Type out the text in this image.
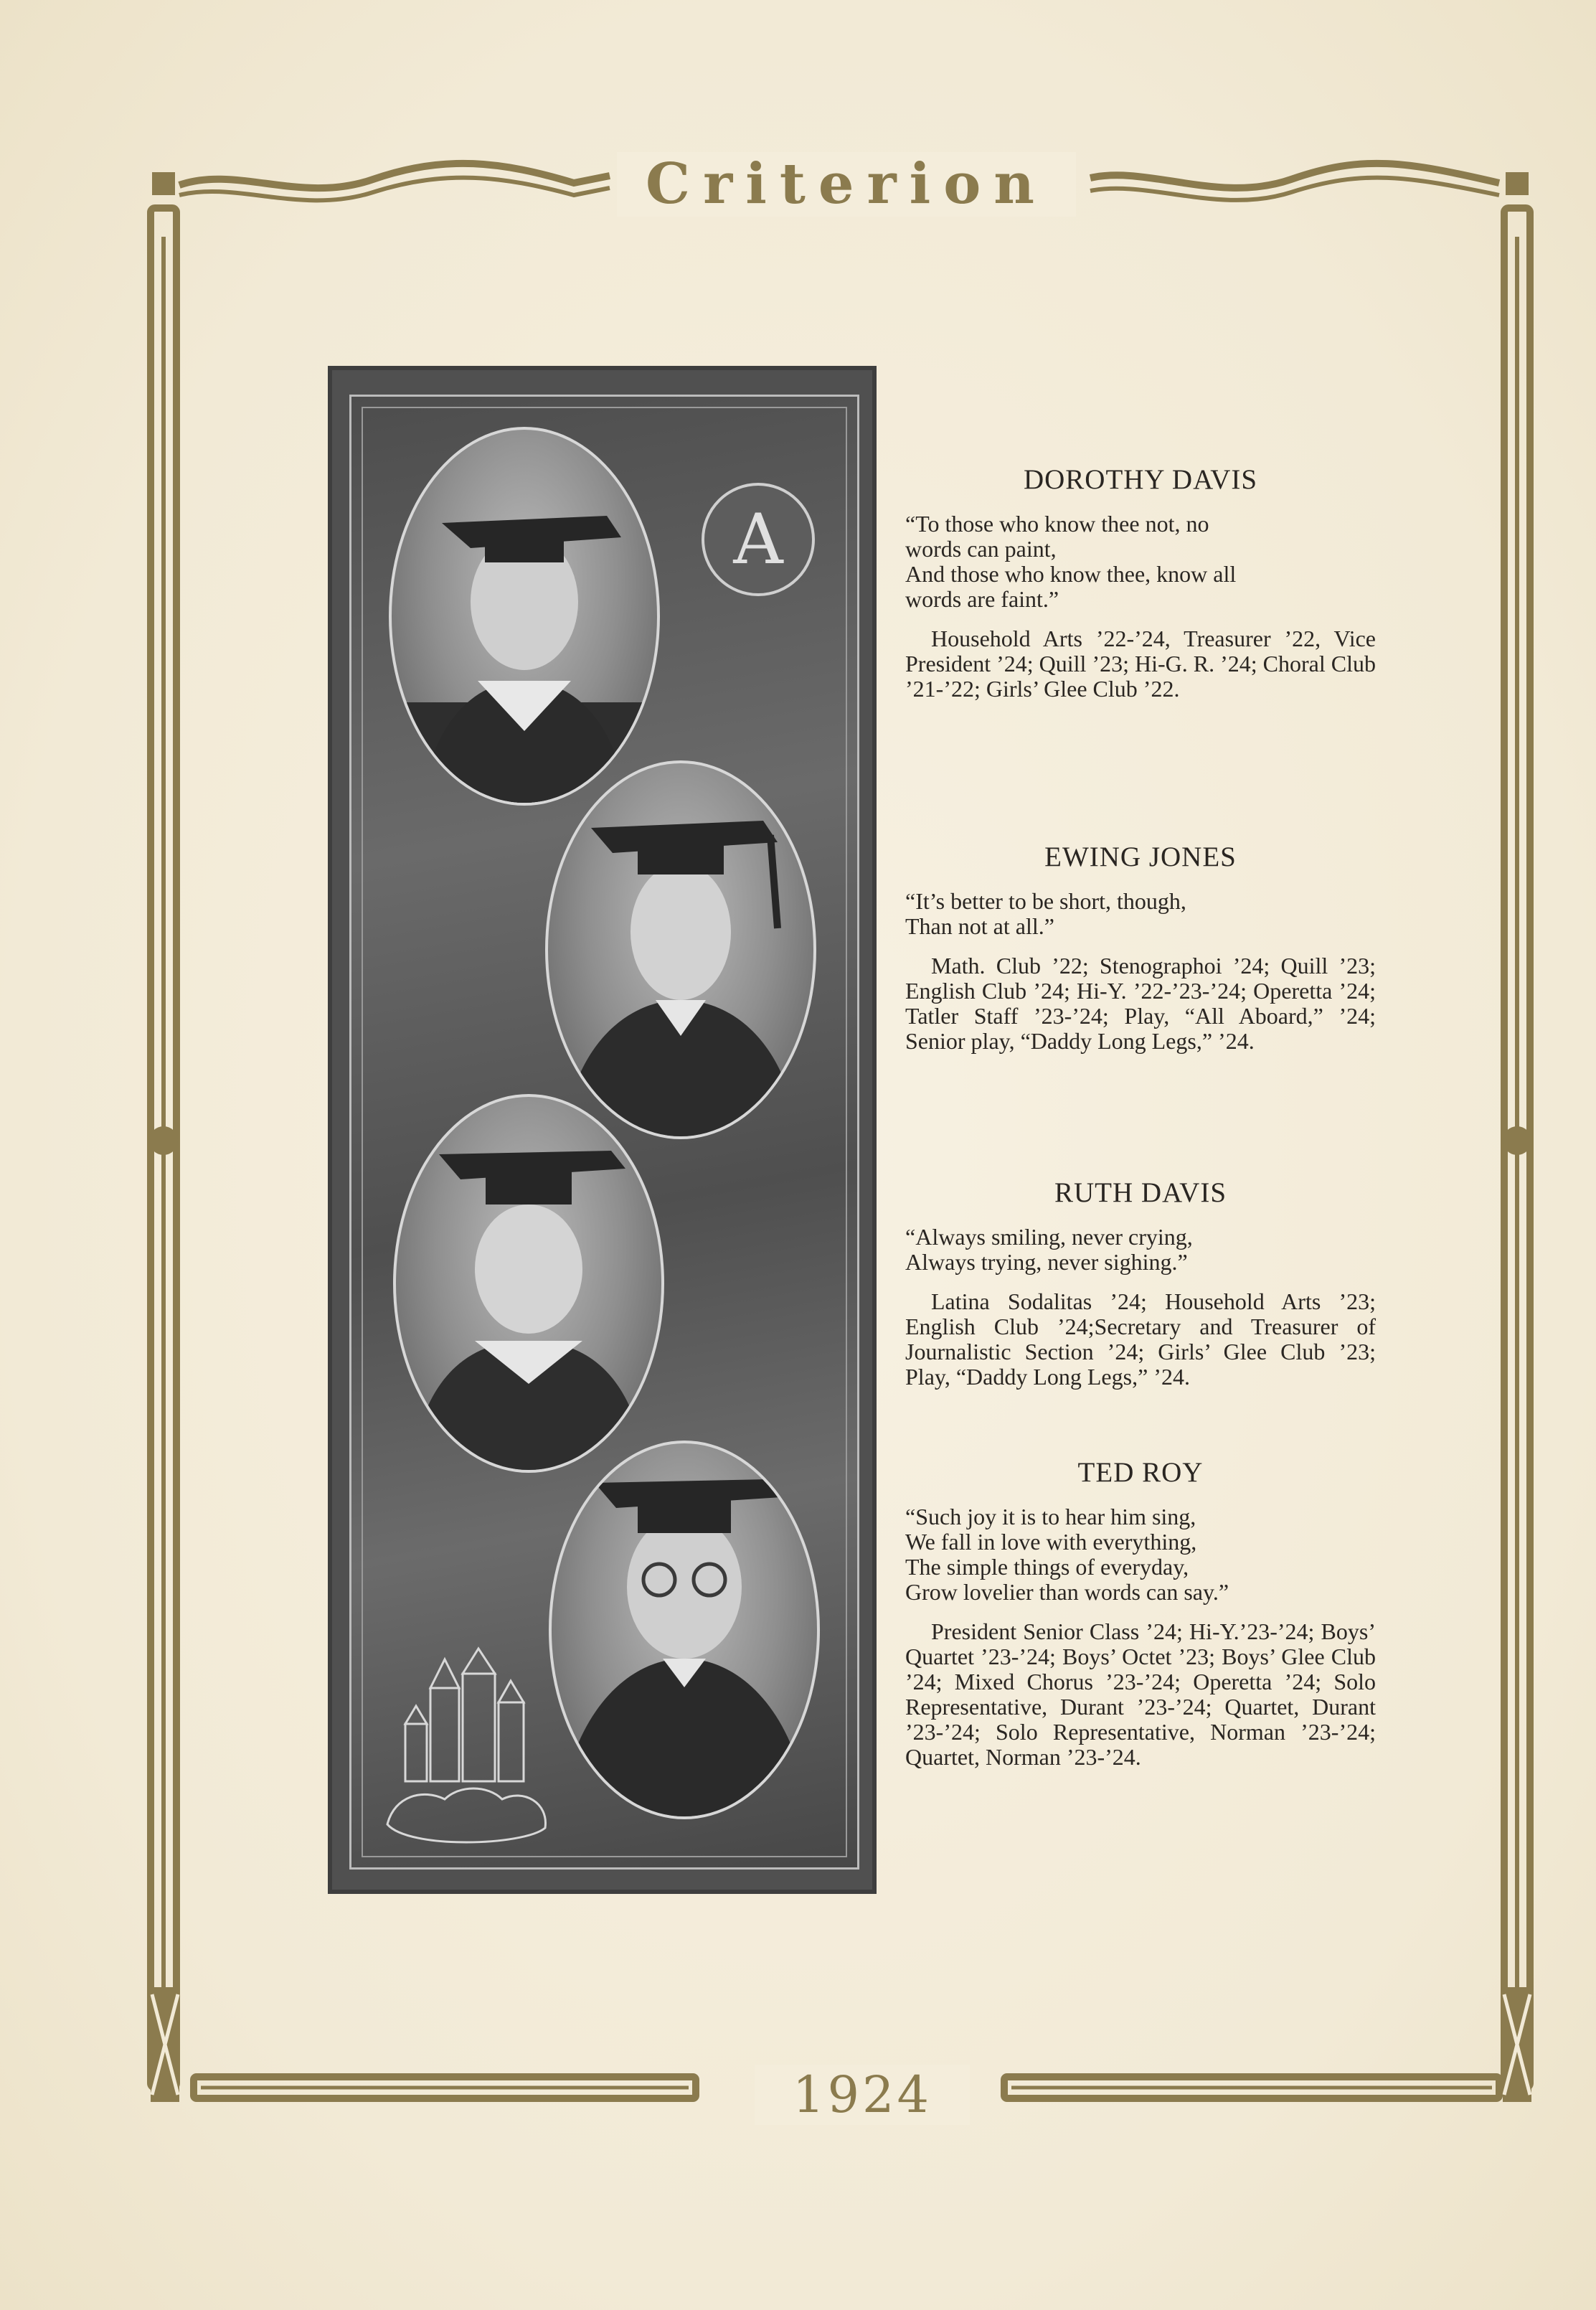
Criterion
1924
A
DOROTHY DAVIS

“To those who know thee not, no
words can paint,
And those who know thee, know all
words are faint.”

Household Arts ’22-’24, Treasurer ’22, Vice President ’24; Quill ’23; Hi-G. R. ’24; Choral Club ’21-’22; Girls’ Glee Club ’22.

EWING JONES

“It’s better to be short, though,
Than not at all.”

Math. Club ’22; Stenographoi ’24; Quill ’23; English Club ’24; Hi-Y. ’22-’23-’24; Operetta ’24; Tatler Staff ’23-’24; Play, “All Aboard,” ’24; Senior play, “Daddy Long Legs,” ’24.

RUTH DAVIS

“Always smiling, never crying,
Always trying, never sighing.”

Latina Sodalitas ’24; Household Arts ’23; English Club ’24;Secretary and Treasurer of Journalistic Section ’24; Girls’ Glee Club ’23; Play, “Daddy Long Legs,” ’24.

TED ROY

“Such joy it is to hear him sing,
We fall in love with everything,
The simple things of everyday,
Grow lovelier than words can say.”

President Senior Class ’24; Hi-Y.’23-’24; Boys’ Quartet ’23-’24; Boys’ Octet ’23; Boys’ Glee Club ’24; Mixed Chorus ’23-’24; Operetta ’24; Solo Representative, Durant ’23-’24; Quartet, Durant ’23-’24; Solo Representative, Norman ’23-’24; Quartet, Norman ’23-’24.
